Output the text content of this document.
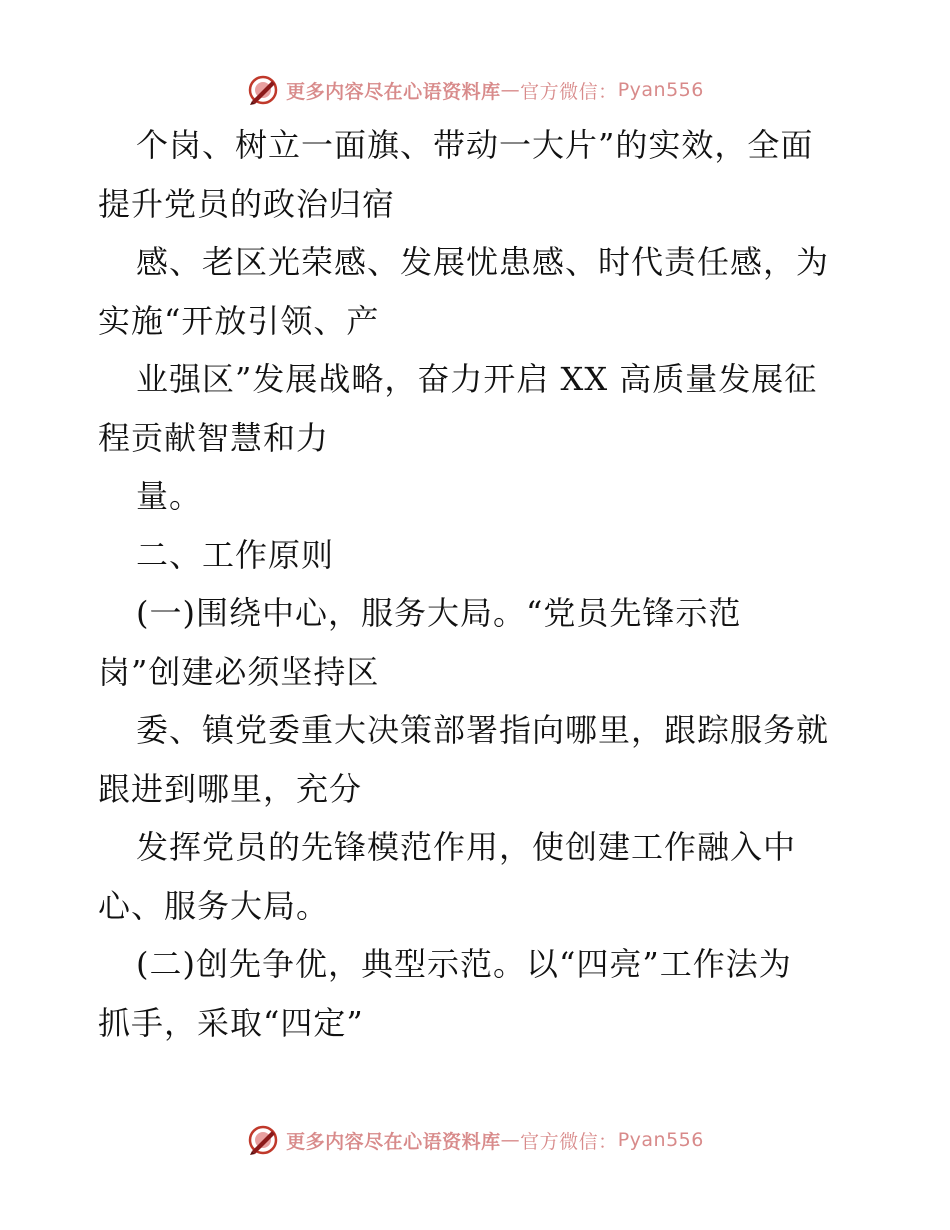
更多内容尽在心语资料库 — 官方微信： Pyan556
个岗、树立一面旗、带动一大片”的实效，全面
提升党员的政治归宿
感、老区光荣感、发展忧患感、时代责任感，为
实施“开放引领、产
业强区”发展战略，奋力开启 XX 高质量发展征
程贡献智慧和力
量。
二、工作原则
(一)围绕中心，服务大局。“党员先锋示范
岗”创建必须坚持区
委、镇党委重大决策部署指向哪里，跟踪服务就
跟进到哪里，充分
发挥党员的先锋模范作用，使创建工作融入中
心、服务大局。
(二)创先争优，典型示范。以“四亮”工作法为
抓手，采取“四定”
更多内容尽在心语资料库 — 官方微信： Pyan556
